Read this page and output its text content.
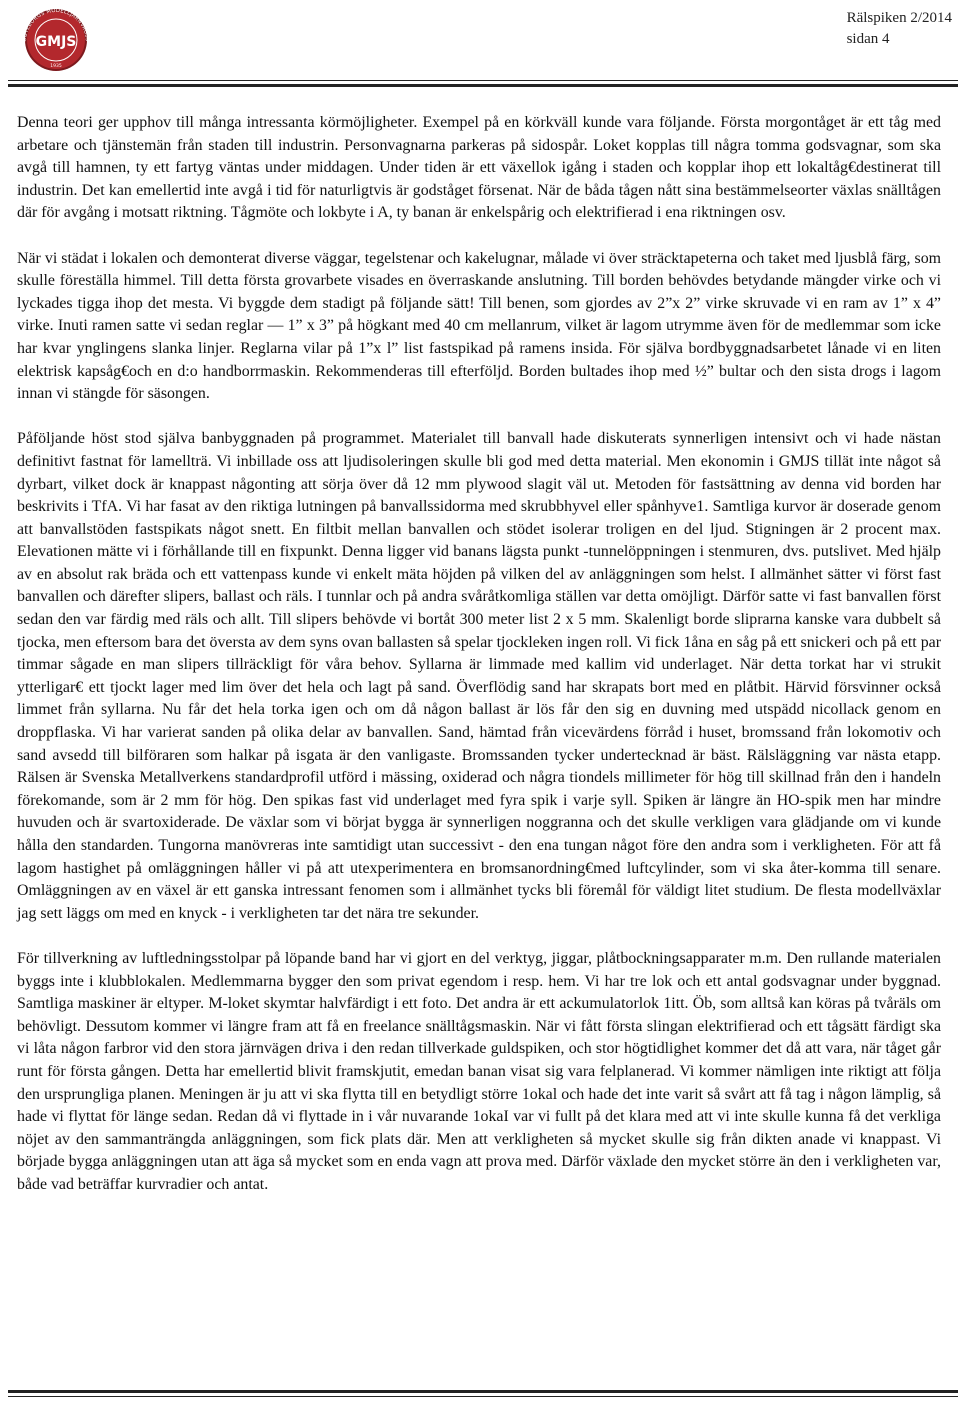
GÖTEBORGS MODELLJÄRNVÄGSS
GMJS
1935
Rälspiken 2/2014
sidan 4

Denna teori ger upphov till många intressanta körmöjligheter. Exempel på en körkväll kunde vara följande. Första morgontåget är ett tåg med arbetare och tjänstemän från staden till industrin. Personvagnarna parkeras på sidospår. Loket kopplas till några tomma godsvagnar, som ska avgå till hamnen, ty ett fartyg väntas under middagen. Under tiden är ett växellok igång i staden och kopplar ihop ett lokaltåg€destinerat till industrin. Det kan emellertid inte avgå i tid för naturligtvis är godståget försenat. När de båda tågen nått sina bestämmelseorter växlas snälltågen där för avgång i motsatt riktning. Tågmöte och lokbyte i A, ty banan är enkelspårig och elektrifierad i ena riktningen osv.

När vi städat i lokalen och demonterat diverse väggar, tegelstenar och kakelugnar, målade vi över sträcktapeterna och taket med ljusblå färg, som skulle föreställa himmel. Till detta första grovarbete visades en överraskande anslutning. Till borden behövdes betydande mängder virke och vi lyckades tigga ihop det mesta. Vi byggde dem stadigt på följande sätt! Till benen, som gjordes av 2”x 2” virke skruvade vi en ram av 1” x 4” virke. Inuti ramen satte vi sedan reglar — 1” x 3” på högkant med 40 cm mellanrum, vilket är lagom utrymme även för de medlemmar som icke har kvar ynglingens slanka linjer. Reglarna vilar på 1”x l” list fastspikad på ramens insida. För själva bordbyggnadsarbetet lånade vi en liten elektrisk kapsåg€och en d:o handborrmaskin. Rekommenderas till efterföljd. Borden bultades ihop med ½” bultar och den sista drogs i lagom innan vi stängde för säsongen.

Påföljande höst stod själva banbyggnaden på programmet. Materialet till banvall hade diskuterats synnerligen intensivt och vi hade nästan definitivt fastnat för lamellträ. Vi inbillade oss att ljudisoleringen skulle bli god med detta material. Men ekonomin i GMJS tillät inte något så dyrbart, vilket dock är knappast någonting att sörja över då 12 mm plywood slagit väl ut. Metoden för fastsättning av denna vid borden har beskrivits i TfA. Vi har fasat av den riktiga lutningen på banvallssidorma med skrubbhyvel eller spånhyve1. Samtliga kurvor är doserade genom att banvallstöden fastspikats något snett. En filtbit mellan banvallen och stödet isolerar troligen en del ljud. Stigningen är 2 procent max. Elevationen mätte vi i förhållande till en fixpunkt. Denna ligger vid banans lägsta punkt -tunnelöppningen i stenmuren, dvs. putslivet. Med hjälp av en absolut rak bräda och ett vattenpass kunde vi enkelt mäta höjden på vilken del av anläggningen som helst. I allmänhet sätter vi först fast banvallen och därefter slipers, ballast och räls. I tunnlar och på andra svåråtkomliga ställen var detta omöjligt. Därför satte vi fast banvallen först sedan den var färdig med räls och allt. Till slipers behövde vi bortåt 300 meter list 2 x 5 mm. Skalenligt borde sliprarna kanske vara dubbelt så tjocka, men eftersom bara det översta av dem syns ovan ballasten så spelar tjockleken ingen roll. Vi fick 1åna en såg på ett snickeri och på ett par timmar sågade en man slipers tillräckligt för våra behov. Syllarna är limmade med kallim vid underlaget. När detta torkat har vi strukit ytterligar€ ett tjockt lager med lim över det hela och lagt på sand. Överflödig sand har skrapats bort med en plåtbit. Härvid försvinner också limmet från syllarna. Nu får det hela torka igen och om då någon ballast är lös får den sig en duvning med utspädd nicollack genom en droppflaska. Vi har varierat sanden på olika delar av banvallen. Sand, hämtad från vicevärdens förråd i huset, bromssand från lokomotiv och sand avsedd till bilföraren som halkar på isgata är den vanligaste. Bromssanden tycker undertecknad är bäst. Rälsläggning var nästa etapp. Rälsen är Svenska Metallverkens standardprofil utförd i mässing, oxiderad och några tiondels millimeter för hög till skillnad från den i handeln förekomande, som är 2 mm för hög. Den spikas fast vid underlaget med fyra spik i varje syll. Spiken är längre än HO-spik men har mindre huvuden och är svartoxiderade. De växlar som vi börjat bygga är synnerligen noggranna och det skulle verkligen vara glädjande om vi kunde hålla den standarden. Tungorna manövreras inte samtidigt utan successivt - den ena tungan något före den andra som i verkligheten. För att få lagom hastighet på omläggningen håller vi på att utexperimentera en bromsanordning€med luftcylinder, som vi ska åter-komma till senare. Omläggningen av en växel är ett ganska intressant fenomen som i allmänhet tycks bli föremål för väldigt litet studium. De flesta modellväxlar jag sett läggs om med en knyck - i verkligheten tar det nära tre sekunder.

För tillverkning av luftledningsstolpar på löpande band har vi gjort en del verktyg, jiggar, plåtbockningsapparater m.m. Den rullande materialen byggs inte i klubblokalen. Medlemmarna bygger den som privat egendom i resp. hem. Vi har tre lok och ett antal godsvagnar under byggnad. Samtliga maskiner är eltyper. M-loket skymtar halvfärdigt i ett foto. Det andra är ett ackumulatorlok 1itt. Öb, som alltså kan köras på tvåräls om behövligt. Dessutom kommer vi längre fram att få en freelance snälltågsmaskin. När vi fått första slingan elektrifierad och ett tågsätt färdigt ska vi låta någon farbror vid den stora järnvägen driva i den redan tillverkade guldspiken, och stor högtidlighet kommer det då att vara, när tåget går runt för första gången. Detta har emellertid blivit framskjutit, emedan banan visat sig vara felplanerad. Vi kommer nämligen inte riktigt att följa den ursprungliga planen. Meningen är ju att vi ska flytta till en betydligt större 1okal och hade det inte varit så svårt att få tag i någon lämplig, så hade vi flyttat för länge sedan. Redan då vi flyttade in i vår nuvarande 1okaI var vi fullt på det klara med att vi inte skulle kunna få det verkliga nöjet av den sammanträngda anläggningen, som fick plats där. Men att verkligheten så mycket skulle sig från dikten anade vi knappast. Vi började bygga anläggningen utan att äga så mycket som en enda vagn att prova med. Därför växlade den mycket större än den i verkligheten var, både vad beträffar kurvradier och antat.
